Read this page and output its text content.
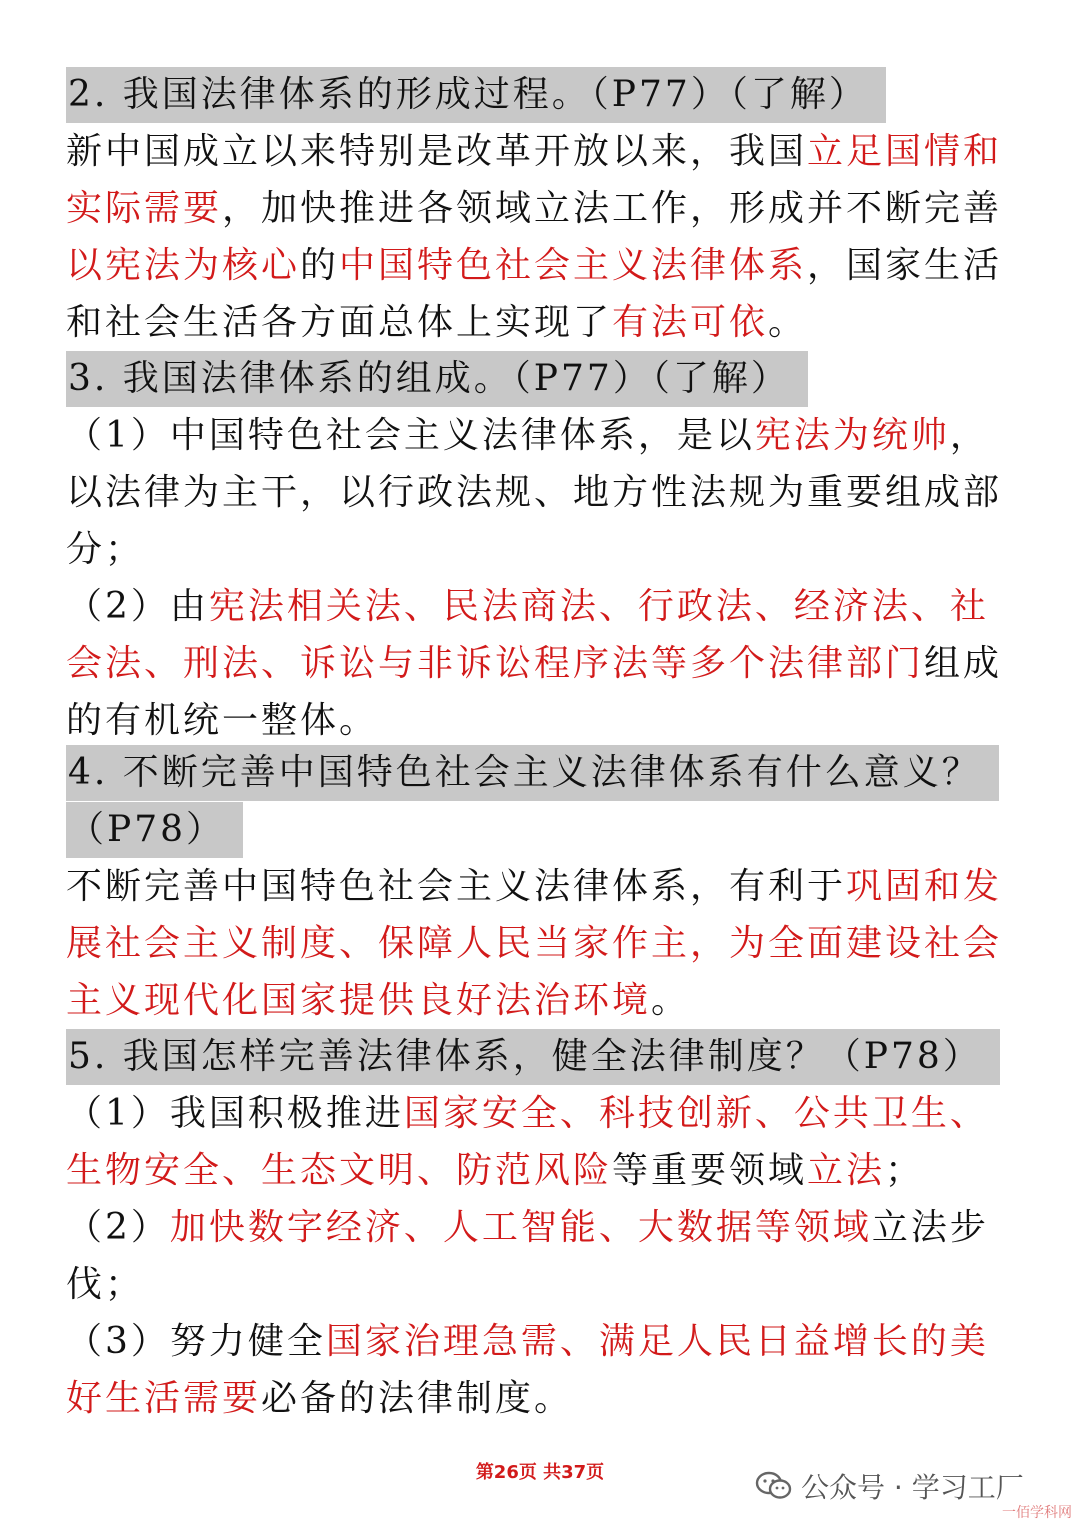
2. 我国法律体系的形成过程。（P77）（了解）
新中国成立以来特别是改革开放以来，我国立足国情和
实际需要，加快推进各领域立法工作，形成并不断完善
以宪法为核心的中国特色社会主义法律体系，国家生活
和社会生活各方面总体上实现了有法可依。
3. 我国法律体系的组成。（P77）（了解）
（1）中国特色社会主义法律体系，是以宪法为统帅，
以法律为主干，以行政法规、地方性法规为重要组成部
分；
（2）由宪法相关法、民法商法、行政法、经济法、社
会法、刑法、诉讼与非诉讼程序法等多个法律部门组成
的有机统一整体。
4. 不断完善中国特色社会主义法律体系有什么意义？
（P78）
不断完善中国特色社会主义法律体系，有利于巩固和发
展社会主义制度、保障人民当家作主，为全面建设社会
主义现代化国家提供良好法治环境。
5. 我国怎样完善法律体系，健全法律制度？（P78）
（1）我国积极推进国家安全、科技创新、公共卫生、
生物安全、生态文明、防范风险等重要领域立法；
（2）加快数字经济、人工智能、大数据等领域立法步
伐；
（3）努力健全国家治理急需、满足人民日益增长的美
好生活需要必备的法律制度。
第26页 共37页	公众号 · 学习工厂
一佰学科网
